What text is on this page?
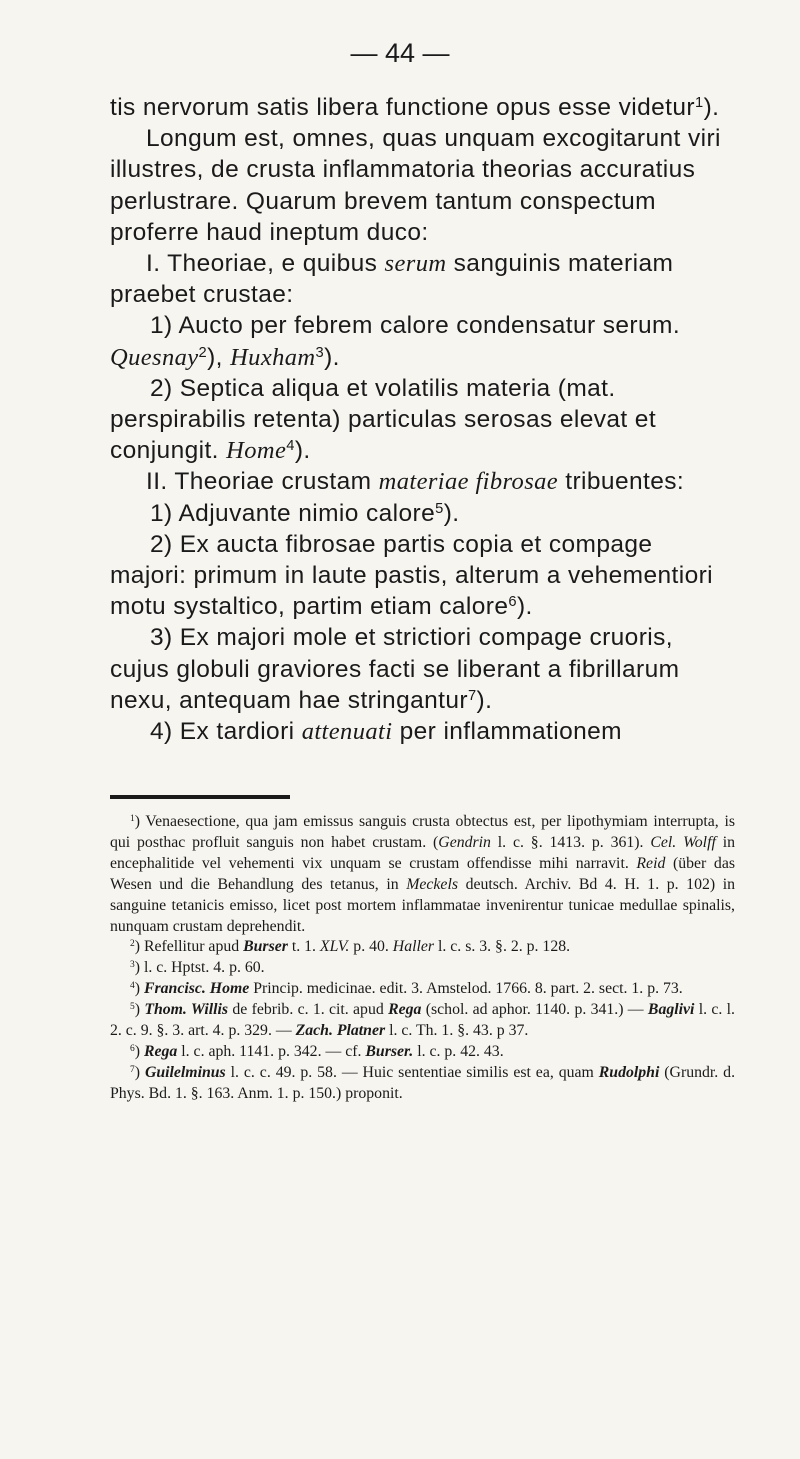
— 44 —

tis nervorum satis libera functione opus esse videtur$^1$).

Longum est, omnes, quas unquam excogitarunt viri illustres, de crusta inflammatoria theorias accuratius perlustrare. Quarum brevem tantum conspectum proferre haud ineptum duco:

I. Theoriae, e quibus serum sanguinis materiam praebet crustae:

1) Aucto per febrem calore condensatur serum. Quesnay$^2$), Huxham$^3$).

2) Septica aliqua et volatilis materia (mat. perspirabilis retenta) particulas serosas elevat et conjungit. Home$^4$).

II. Theoriae crustam materiae fibrosae tribuentes:

1) Adjuvante nimio calore$^5$).

2) Ex aucta fibrosae partis copia et compage majori: primum in laute pastis, alterum a vehementiori motu systaltico, partim etiam calore$^6$).

3) Ex majori mole et strictiori compage cruoris, cujus globuli graviores facti se liberant a fibrillarum nexu, antequam hae stringantur$^7$).

4) Ex tardiori attenuati per inflammationem

$^1$) Venaesectione, qua jam emissus sanguis crusta obtectus est, per lipothymiam interrupta, is qui posthac profluit sanguis non habet crustam. (Gendrin l. c. §. 1413. p. 361). Cel. Wolff in encephalitide vel vehementi vix unquam se crustam offendisse mihi narravit. Reid (über das Wesen und die Behandlung des tetanus, in Meckels deutsch. Archiv. Bd 4. H. 1. p. 102) in sanguine tetanicis emisso, licet post mortem inflammatae invenirentur tunicae medullae spinalis, nunquam crustam deprehendit.

$^2$) Refellitur apud Burser t. 1. XLV. p. 40. Haller l. c. s. 3. §. 2. p. 128.

$^3$) l. c. Hptst. 4. p. 60.

$^4$) Francisc. Home Princip. medicinae. edit. 3. Amstelod. 1766. 8. part. 2. sect. 1. p. 73.

$^5$) Thom. Willis de febrib. c. 1. cit. apud Rega (schol. ad aphor. 1140. p. 341.) — Baglivi l. c. l. 2. c. 9. §. 3. art. 4. p. 329. — Zach. Platner l. c. Th. 1. §. 43. p 37.

$^6$) Rega l. c. aph. 1141. p. 342. — cf. Burser. l. c. p. 42. 43.

$^7$) Guilelminus l. c. c. 49. p. 58. — Huic sententiae similis est ea, quam Rudolphi (Grundr. d. Phys. Bd. 1. §. 163. Anm. 1. p. 150.) proponit.
